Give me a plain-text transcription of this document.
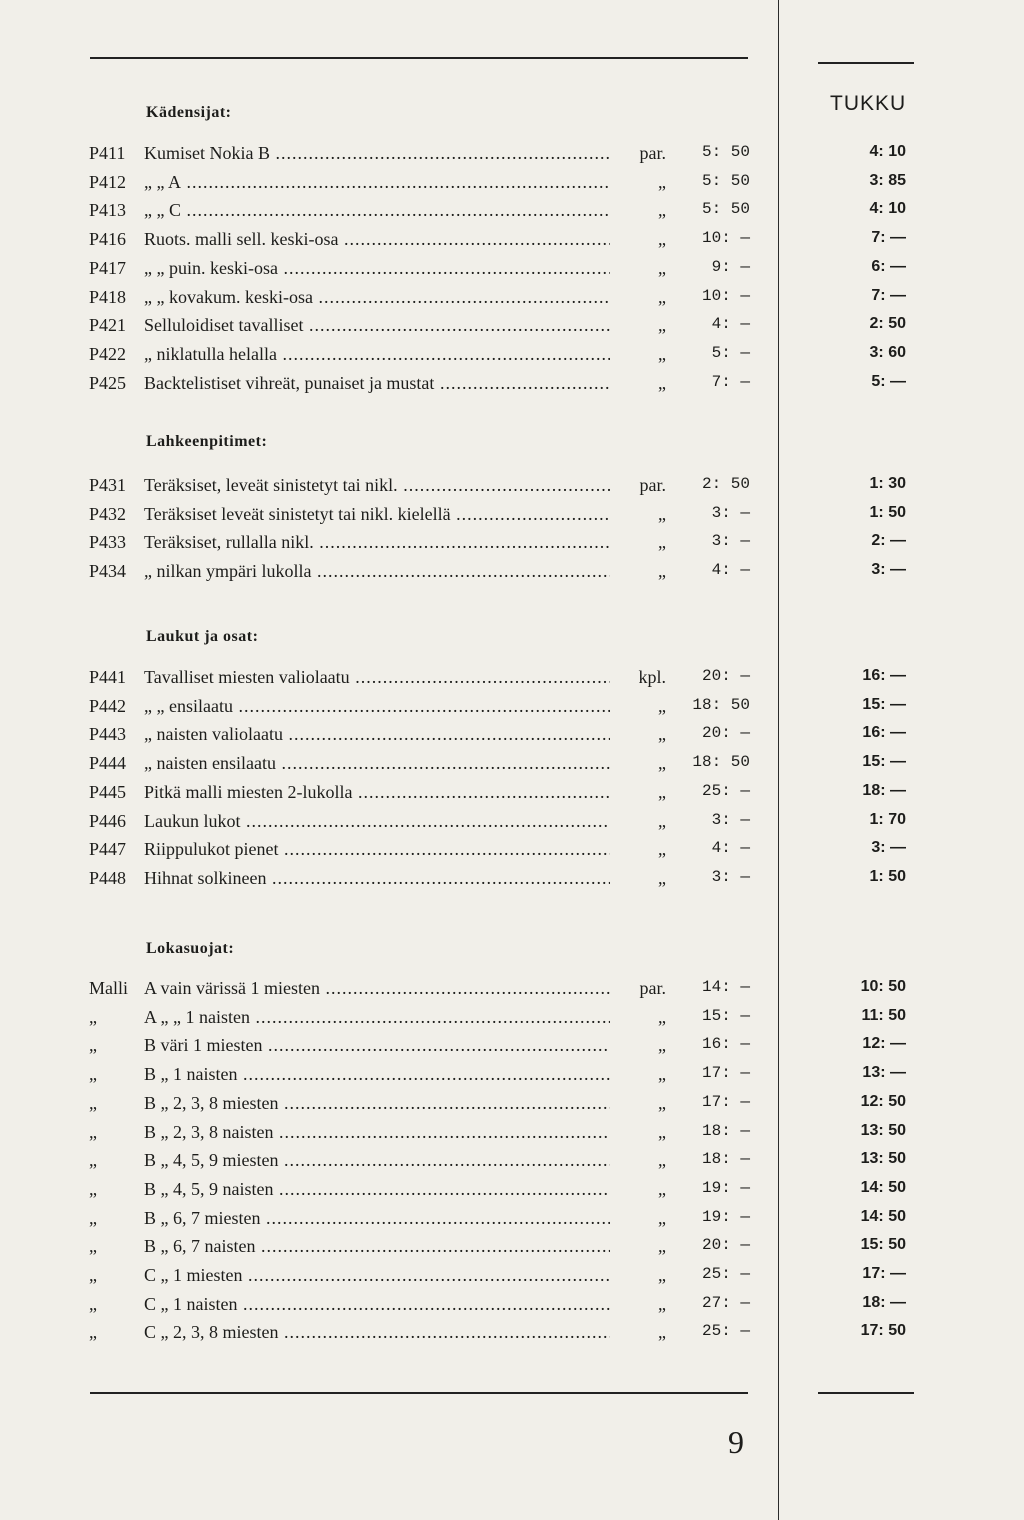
TUKKU
Kädensijat:
P411 Kumiset Nokia B .....	par.	5: 50	4: 10
P412 „ „ A .....	„	5: 50	3: 85
P413 „ „ C .....	„	5: 50	4: 10
P416 Ruots. malli sell. keski-osa .....	„	10: —	7: —
P417 „ „ puin. keski-osa .....	„	9: —	6: —
P418 „ „ kovakum. keski-osa .....	„	10: —	7: —
P421 Selluloidiset tavalliset .....	„	4: —	2: 50
P422 „ niklatulla helalla .....	„	5: —	3: 60
P425 Backtelistiset vihreät, punaiset ja mustat .....	„	7: —	5: —
Lahkeenpitimet:
P431 Teräksiset, leveät sinistetyt tai nikl. .....	par.	2: 50	1: 30
P432 Teräksiset leveät sinistetyt tai nikl. kielellä .....	„	3: —	1: 50
P433 Teräksiset, rullalla nikl. .....	„	3: —	2: —
P434 „ nilkan ympäri lukolla .....	„	4: —	3: —
Laukut ja osat:
P441 Tavalliset miesten valiolaatu .....	kpl.	20: —	16: —
P442 „ „ ensilaatu .....	„	18: 50	15: —
P443 „ naisten valiolaatu .....	„	20: —	16: —
P444 „ naisten ensilaatu .....	„	18: 50	15: —
P445 Pitkä malli miesten 2-lukolla .....	„	25: —	18: —
P446 Laukun lukot .....	„	3: —	1: 70
P447 Riippulukot pienet .....	„	4: —	3: —
P448 Hihnat solkineen .....	„	3: —	1: 50
Lokasuojat:
Malli A vain värissä 1 miesten .....	par.	14: —	10: 50
„	A „ „ 1 naisten .....	„	15: —	11: 50
„	B väri 1 miesten .....	„	16: —	12: —
„	B „ 1 naisten .....	„	17: —	13: —
„	B „ 2, 3, 8 miesten .....	„	17: —	12: 50
„	B „ 2, 3, 8 naisten .....	„	18: —	13: 50
„	B „ 4, 5, 9 miesten .....	„	18: —	13: 50
„	B „ 4, 5, 9 naisten .....	„	19: —	14: 50
„	B „ 6, 7 miesten .....	„	19: —	14: 50
„	B „ 6, 7 naisten .....	„	20: —	15: 50
„	C „ 1 miesten .....	„	25: —	17: —
„	C „ 1 naisten .....	„	27: —	18: —
„	C „ 2, 3, 8 miesten .....	„	25: —	17: 50
9
